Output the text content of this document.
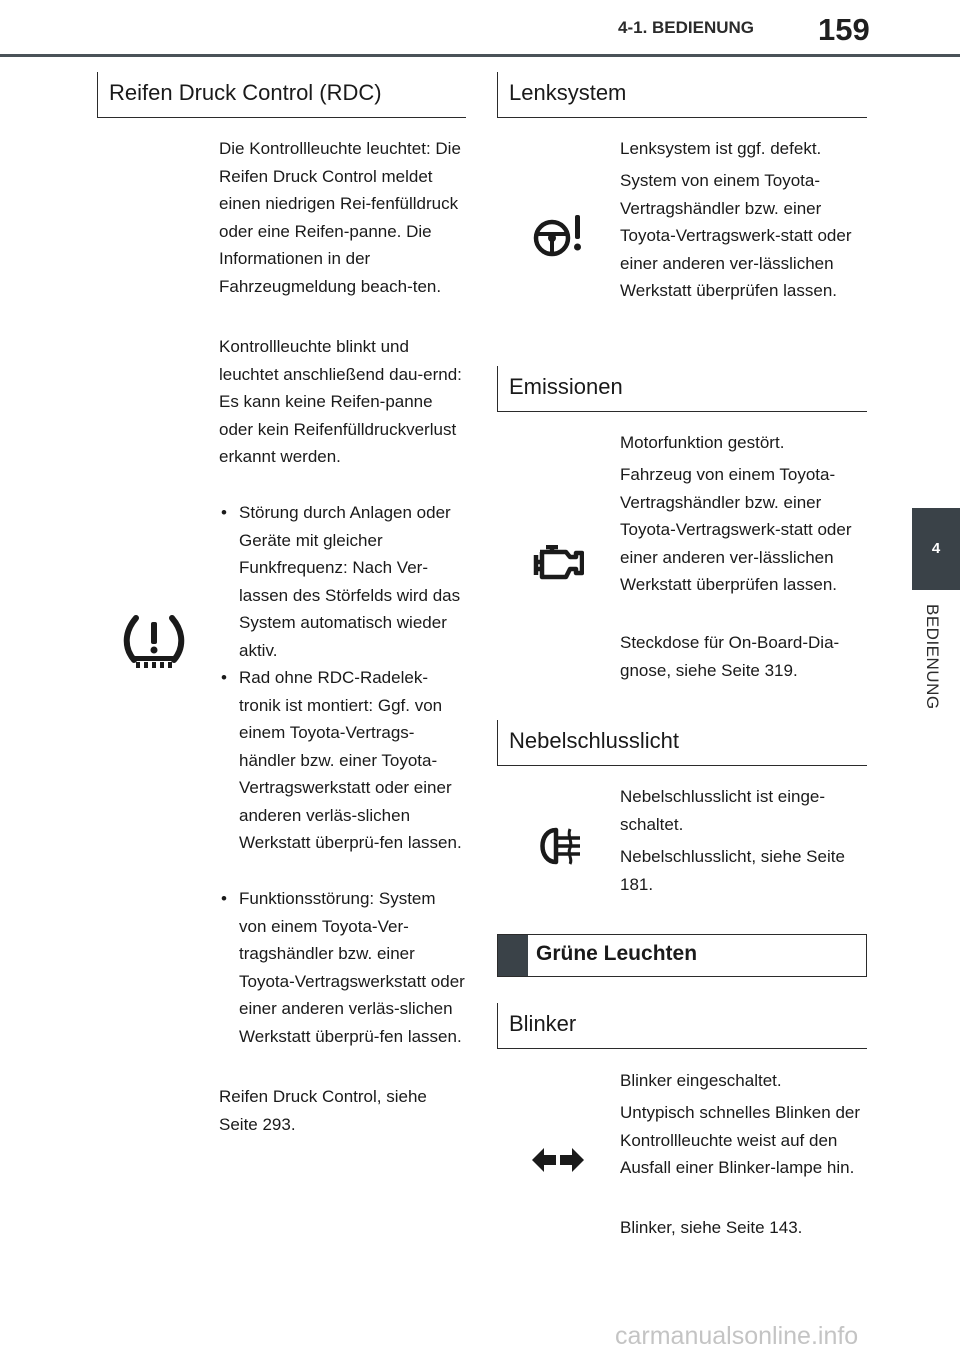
4-1. BEDIENUNG 159
4
BEDIENUNG
Reifen Druck Control (RDC)

Die Kontrollleuchte leuchtet: Die Reifen Druck Control meldet einen niedrigen Rei-fenfülldruck oder eine Reifen-panne. Die Informationen in der Fahrzeugmeldung beach-ten.

Kontrollleuchte blinkt und leuchtet anschließend dau-ernd: Es kann keine Reifen-panne oder kein Reifenfülldruckverlust erkannt werden.

• Störung durch Anlagen oder Geräte mit gleicher Funkfrequenz: Nach Ver-lassen des Störfelds wird das System automatisch wieder aktiv.
• Rad ohne RDC-Radelek-tronik ist montiert: Ggf. von einem Toyota-Vertrags-händler bzw. einer Toyota-Vertragswerkstatt oder einer anderen verläs-slichen Werkstatt überprü-fen lassen.
• Funktionsstörung: System von einem Toyota-Ver-tragshändler bzw. einer Toyota-Vertragswerkstatt oder einer anderen verläs-slichen Werkstatt überprü-fen lassen.

Reifen Druck Control, siehe Seite 293.

Lenksystem

Lenksystem ist ggf. defekt.

System von einem Toyota-Vertragshändler bzw. einer Toyota-Vertragswerk-statt oder einer anderen ver-lässlichen Werkstatt überprüfen lassen.

Emissionen

Motorfunktion gestört.

Fahrzeug von einem Toyota-Vertragshändler bzw. einer Toyota-Vertragswerk-statt oder einer anderen ver-lässlichen Werkstatt überprüfen lassen.

Steckdose für On-Board-Dia-gnose, siehe Seite 319.

Nebelschlusslicht

Nebelschlusslicht ist einge-schaltet.

Nebelschlusslicht, siehe Seite 181.

Grüne Leuchten
Blinker

Blinker eingeschaltet.

Untypisch schnelles Blinken der Kontrollleuchte weist auf den Ausfall einer Blinker-lampe hin.

Blinker, siehe Seite 143.

carmanualsonline.info
